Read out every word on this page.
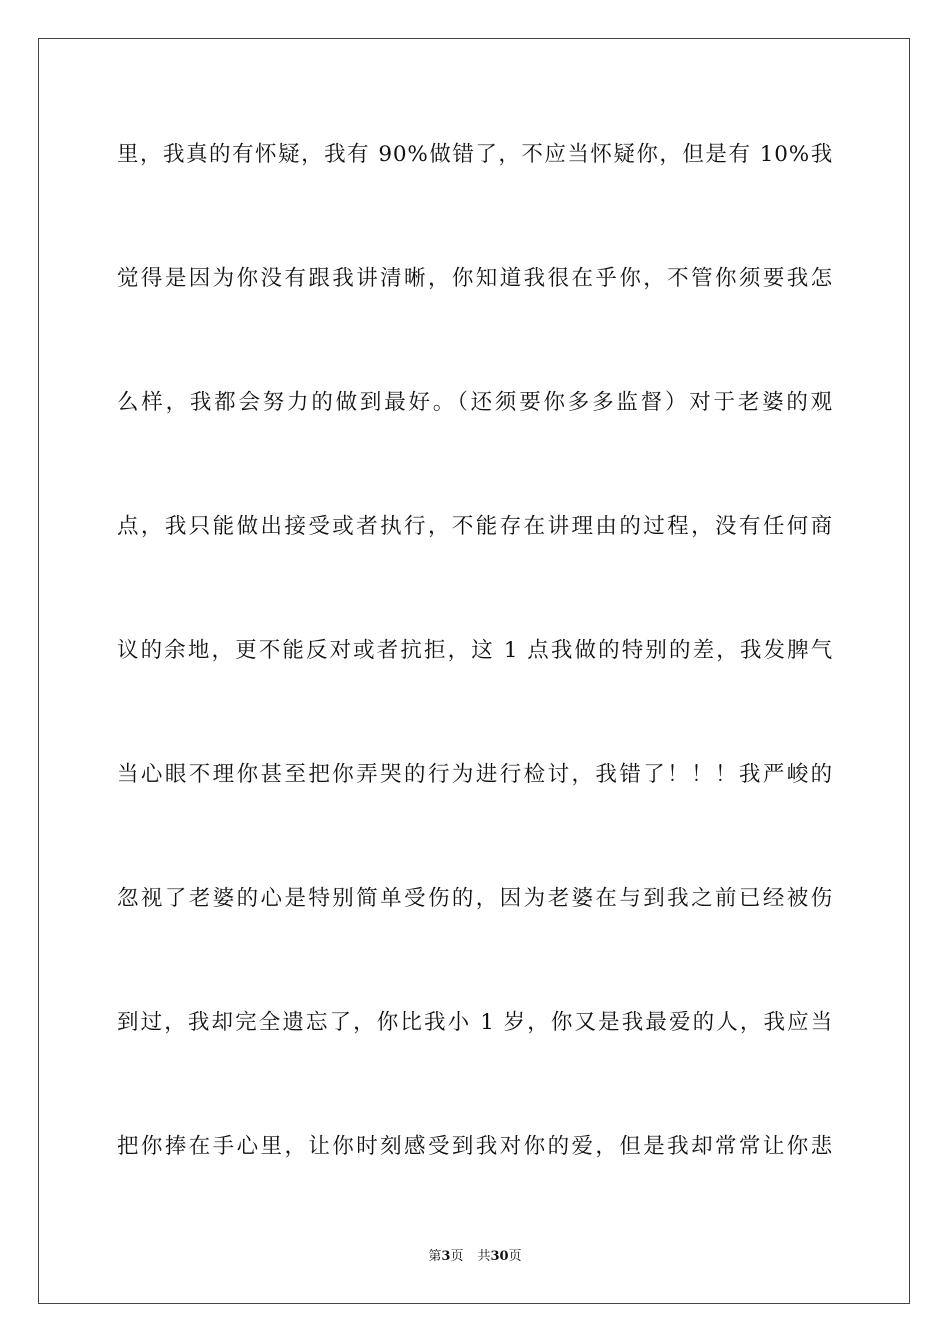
里，我真的有怀疑，我有 90%做错了，不应当怀疑你，但是有 10%我
觉得是因为你没有跟我讲清晰，你知道我很在乎你，不管你须要我怎
么样，我都会努力的做到最好。（还须要你多多监督）对于老婆的观
点，我只能做出接受或者执行，不能存在讲理由的过程，没有任何商
议的余地，更不能反对或者抗拒，这 1 点我做的特别的差，我发脾气
当心眼不理你甚至把你弄哭的行为进行检讨，我错了！！！我严峻的
忽视了老婆的心是特别简单受伤的，因为老婆在与到我之前已经被伤
到过，我却完全遗忘了，你比我小 1 岁，你又是我最爱的人，我应当
把你捧在手心里，让你时刻感受到我对你的爱，但是我却常常让你悲
第3页 共30页
